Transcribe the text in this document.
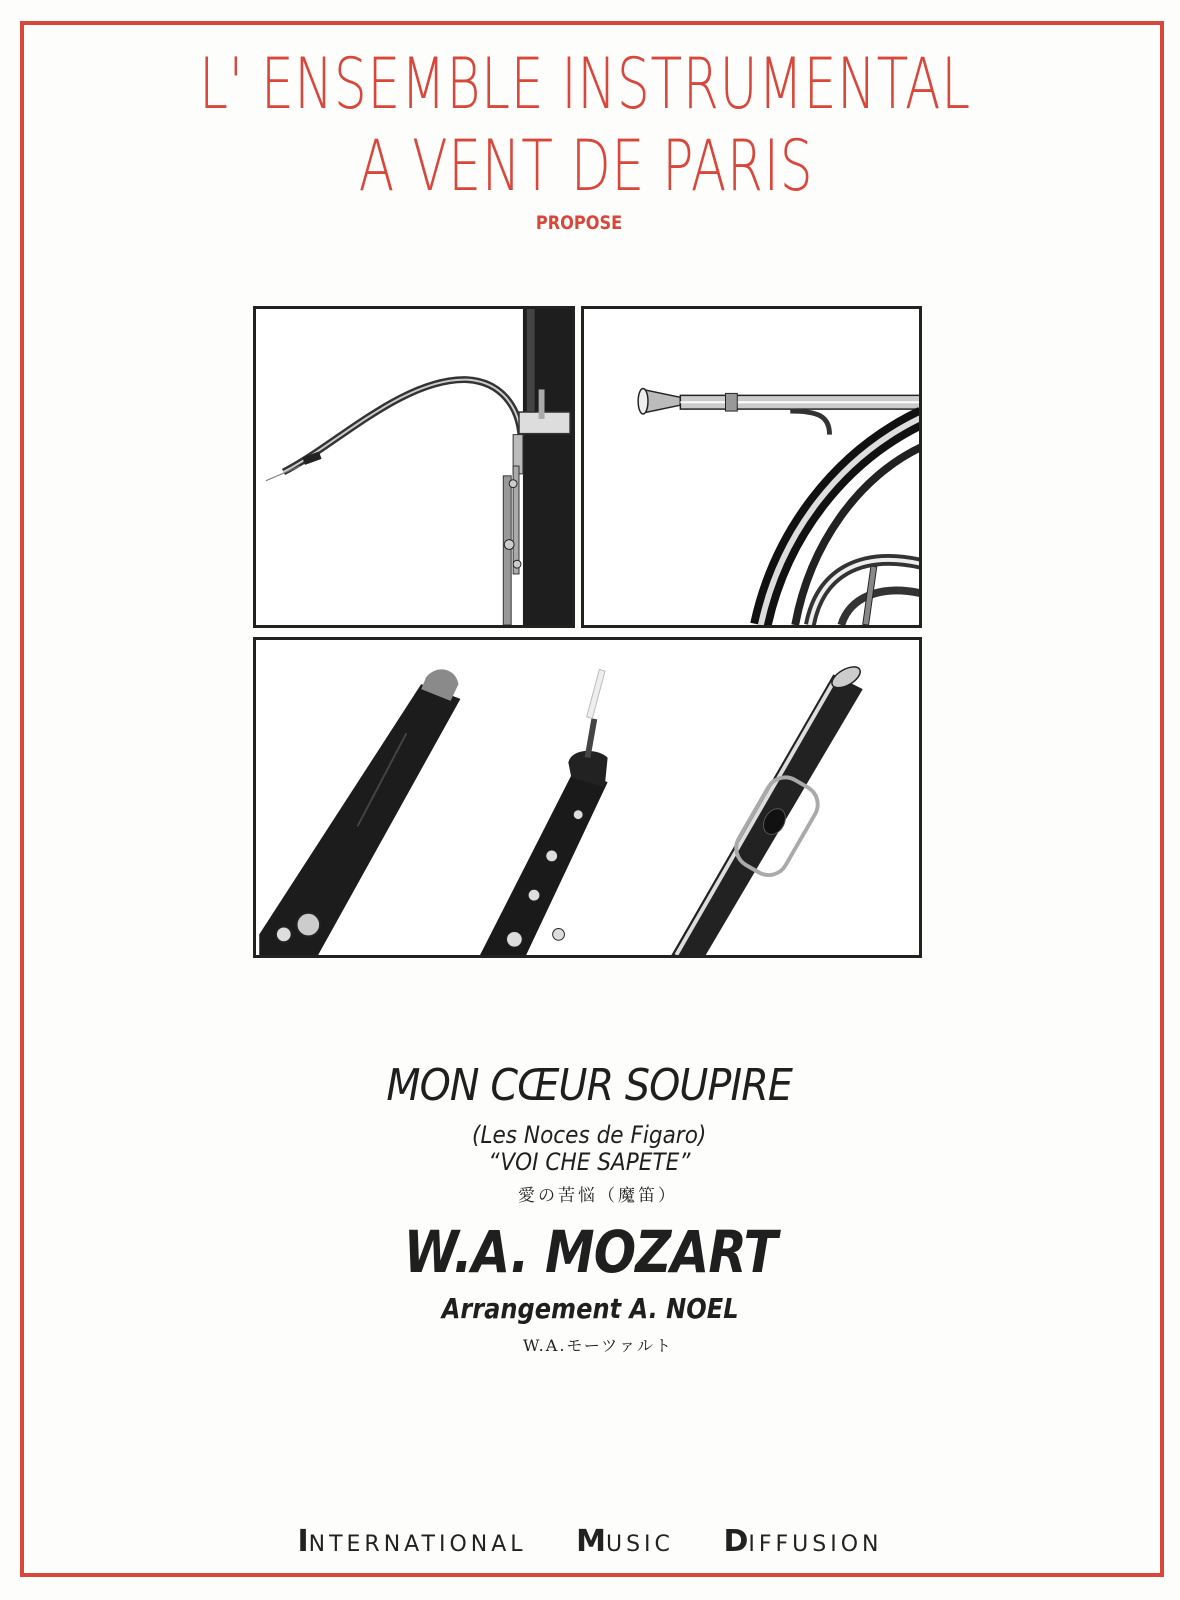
L' ENSEMBLE INSTRUMENTAL
A VENT DE PARIS
PROPOSE
MON CŒUR SOUPIRE
(Les Noces de Figaro)
“VOI CHE SAPETE”
愛の苦悩（魔笛）
W.A. MOZART
Arrangement A. NOEL
W.A.モーツァルト
INTERNATIONAL MUSIC DIFFUSION
